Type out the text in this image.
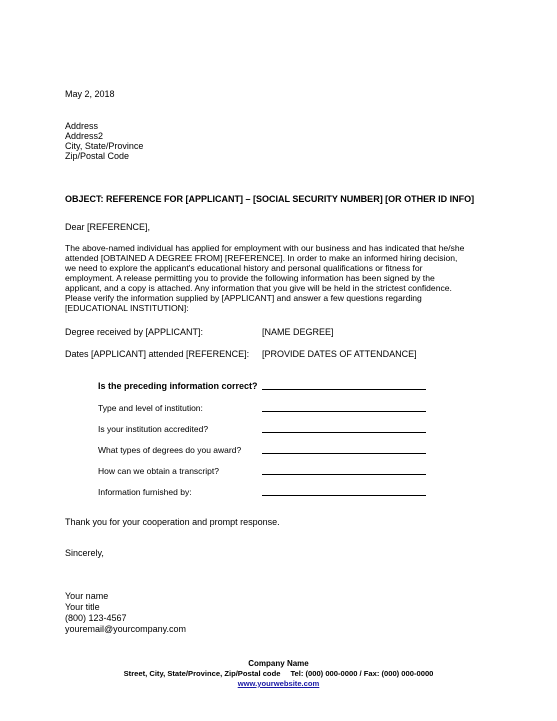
May 2, 2018
Address
Address2
City, State/Province
Zip/Postal Code
OBJECT: REFERENCE FOR [APPLICANT] – [SOCIAL SECURITY NUMBER] [OR OTHER ID INFO]
Dear [REFERENCE],
The above-named individual has applied for employment with our business and has indicated that he/she
attended [OBTAINED A DEGREE FROM] [REFERENCE]. In order to make an informed hiring decision,
we need to explore the applicant's educational history and personal qualifications or fitness for
employment. A release permitting you to provide the following information has been signed by the
applicant, and a copy is attached. Any information that you give will be held in the strictest confidence.
Please verify the information supplied by [APPLICANT] and answer a few questions regarding
[EDUCATIONAL INSTITUTION]:
Degree received by [APPLICANT]:	[NAME DEGREE]
Dates [APPLICANT] attended [REFERENCE]: [PROVIDE DATES OF ATTENDANCE]
Is the preceding information correct?
Type and level of institution:
Is your institution accredited?
What types of degrees do you award?
How can we obtain a transcript?
Information furnished by:
Thank you for your cooperation and prompt response.
Sincerely,
Your name
Your title
(800) 123-4567
youremail@yourcompany.com
Company Name
Street, City, State/Province, Zip/Postal code Tel: (000) 000-0000 / Fax: (000) 000-0000
www.yourwebsite.com
